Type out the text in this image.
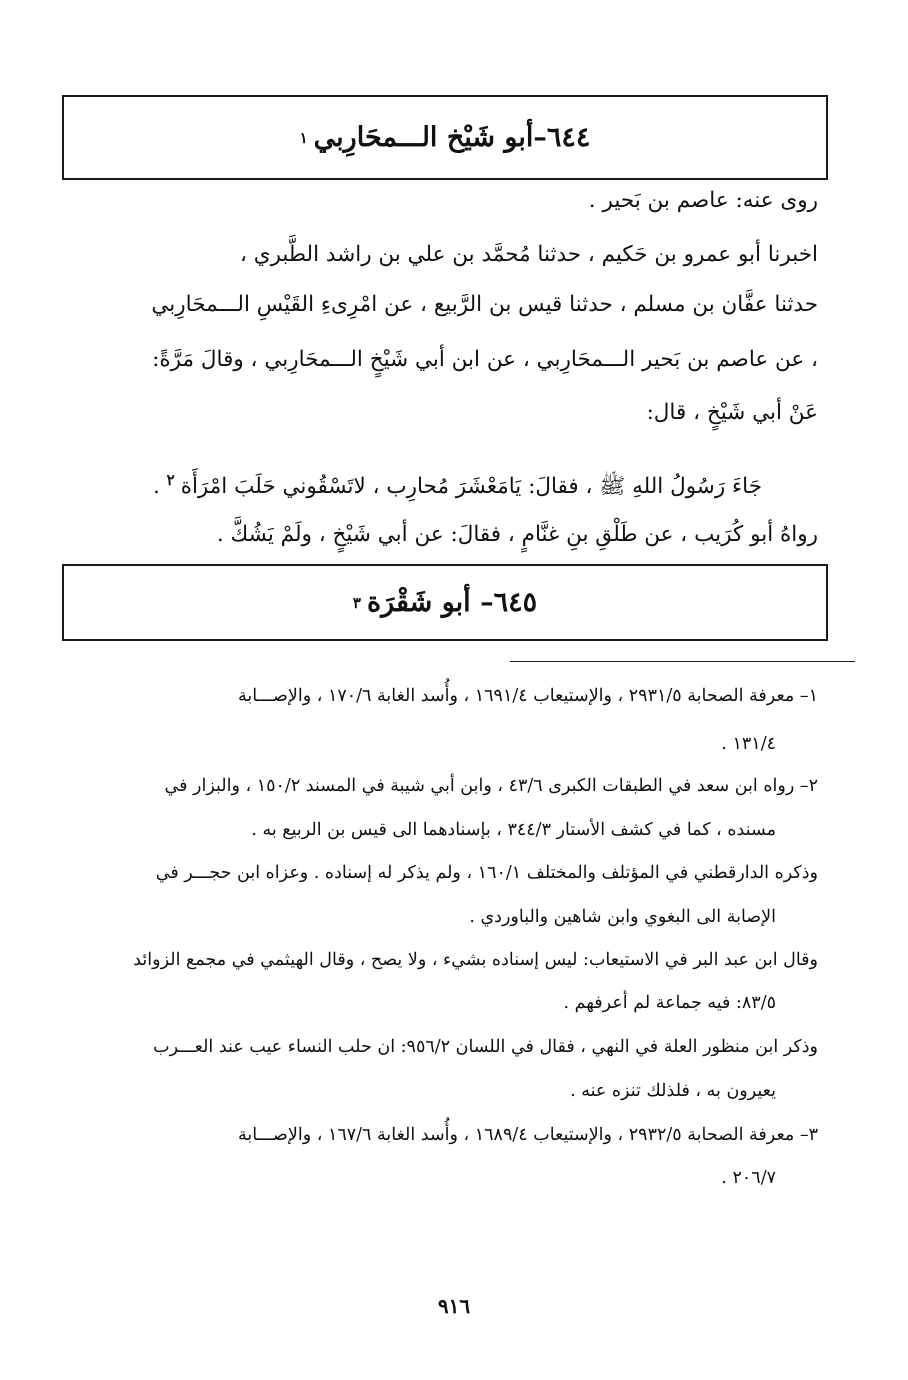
٦٤٤–أبو شَيْخ الـــمحَارِبي
١
روى عنه: عاصم بن بَحير .
اخبرنا أبو عمرو بن حَكيم ، حدثنا مُحمَّد بن علي بن راشد الطَّبري ،
حدثنا عفَّان بن مسلم ، حدثنا قيس بن الرَّبيع ، عن امْرِىءِ القَيْسِ الـــمحَارِبي
، عن عاصم بن بَحير الـــمحَارِبي ، عن ابن أبي شَيْخٍ الـــمحَارِبي ، وقالَ مَرَّةً:
عَنْ أبي شَيْخٍ ، قال:
جَاءَ رَسُولُ اللهِ ﷺ ، فقالَ: يَامَعْشَرَ مُحارِب ، لاتَسْقُوني حَلَبَ امْرَأَة$^٢$ .
رواهُ أبو كُرَيب ، عن طَلْقِ بنِ غنَّامٍ ، فقالَ: عن أبي شَيْخٍ ، ولَمْ يَشُكَّ .
٦٤٥– أبو شَقْرَة
٣
١– معرفة الصحابة ٢٩٣١/٥ ، والإستيعاب ١٦٩١/٤ ، وأُسد الغابة ١٧٠/٦ ، والإصـــابة
١٣١/٤ .
٢– رواه ابن سعد في الطبقات الكبرى ٤٣/٦ ، وابن أبي شيبة في المسند ١٥٠/٢ ، والبزار في
مسنده ، كما في كشف الأستار ٣٤٤/٣ ، بإسنادهما الى قيس بن الربيع به .
وذكره الدارقطني في المؤتلف والمختلف ١٦٠/١ ، ولم يذكر له إسناده . وعزاه ابن حجـــر في
الإصابة الى البغوي وابن شاهين والباوردي .
وقال ابن عبد البر في الاستيعاب: ليس إسناده بشيء ، ولا يصح ، وقال الهيثمي في مجمع الزوائد
٨٣/٥: فيه جماعة لم أعرفهم .
وذكر ابن منظور العلة في النهي ، فقال في اللسان ٩٥٦/٢: ان حلب النساء عيب عند العـــرب
يعيرون به ، فلذلك تنزه عنه .
٣– معرفة الصحابة ٢٩٣٢/٥ ، والإستيعاب ١٦٨٩/٤ ، وأُسد الغابة ١٦٧/٦ ، والإصـــابة
٢٠٦/٧ .
٩١٦
